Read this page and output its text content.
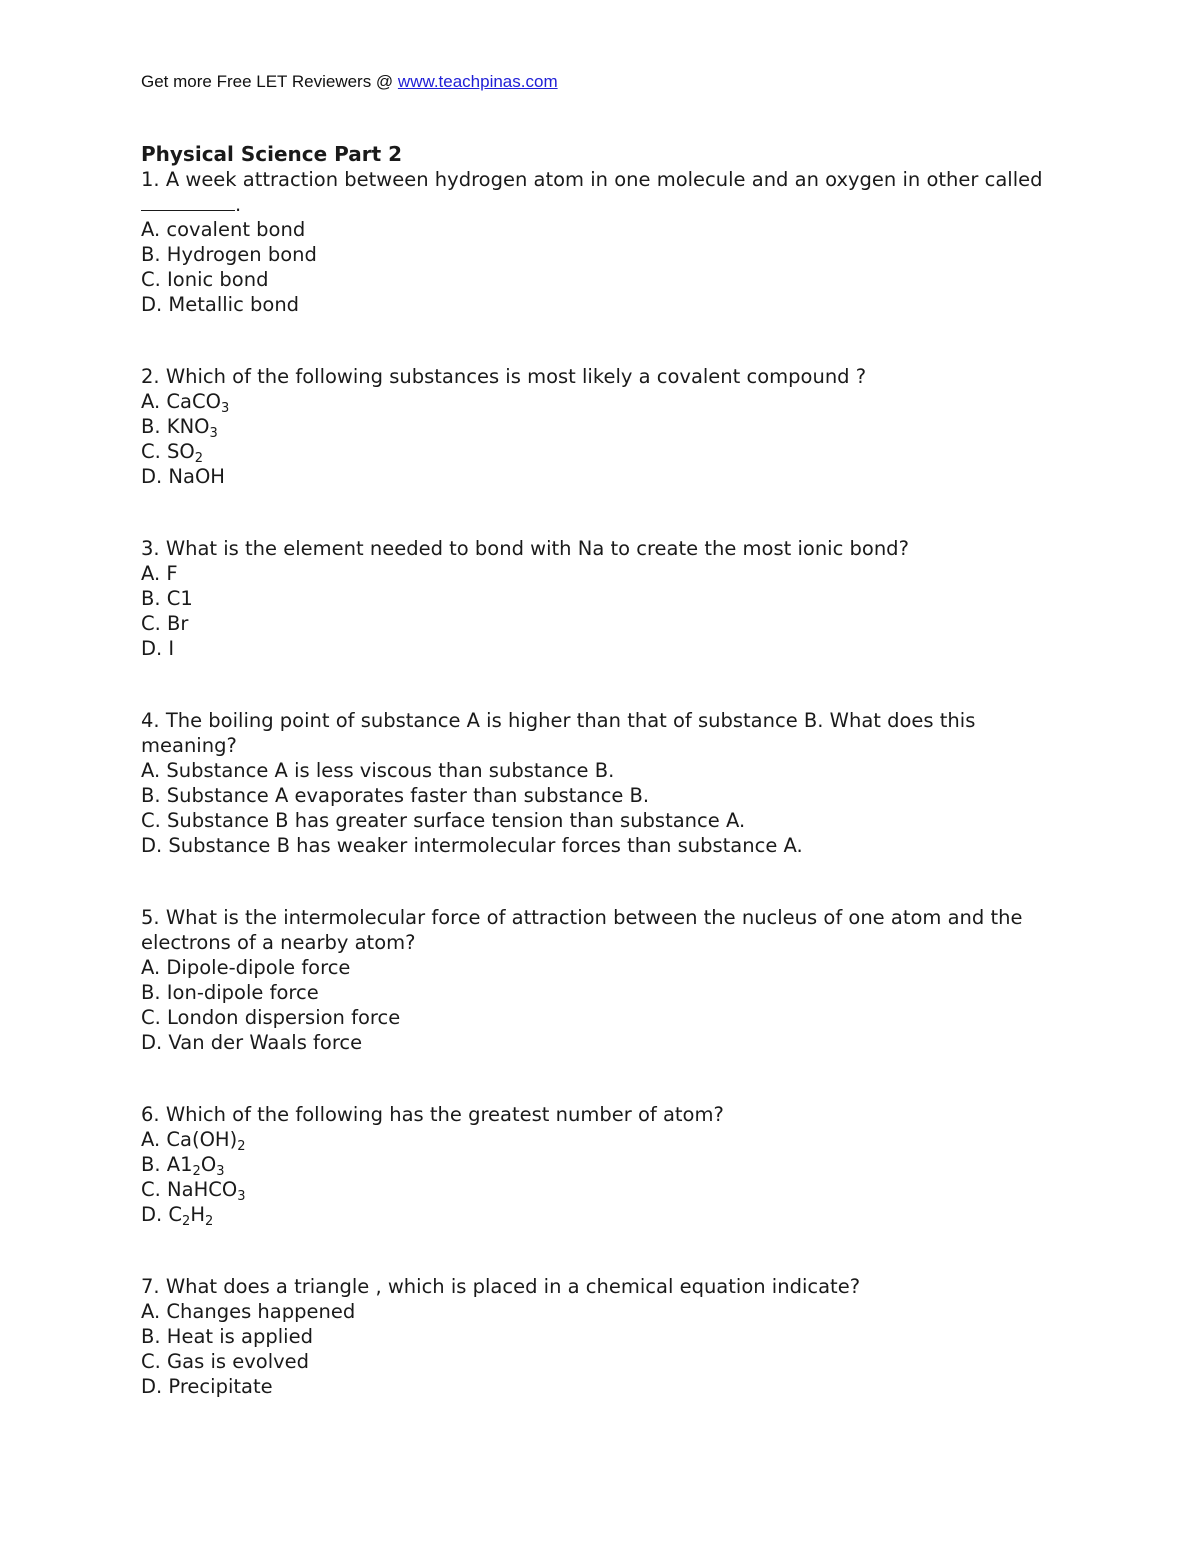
Get more Free LET Reviewers @ www.teachpinas.com
Physical Science Part 2
1 . A week attraction between hydrogen atom in one molecule and an oxygen in other called.
A . covalent bond
B . Hydrogen bond
C . Ionic bond
D . Metallic bond
2 . Which of the following substances is most likely a covalent compound ?
A . CaCO$_3$
B . $KNO_3$
C . $SO_2$
D . NaOH
3 . What is the element needed to bond with Na to create the most ionic bond?
A . F
B . C1
C . Br
D . I
4 . The boiling point of substance A is higher than that of substance B. What does this meaning?
A . Substance A is less viscous than substance B.
B . Substance A evaporates faster than substance B.
C . Substance B has greater surface tension than substance A.
D . Substance B has weaker intermolecular forces than substance A.
5 . What is the intermolecular force of attraction between the nucleus of one atom and the electrons of a nearby atom?
A . Dipole-dipole force
B . Ion-dipole force
C . London dispersion force
D . Van der Waals force
6 . Which of the following has the greatest number of atom?
A . $Ca(OH)_2$
B . $A1_2O_3$
C . NaHCO$_3$
D . $C_2H_2$
7 . What does a triangle , which is placed in a chemical equation indicate?
A . Changes happened
B . Heat is applied
C . Gas is evolved
D . Precipitate
